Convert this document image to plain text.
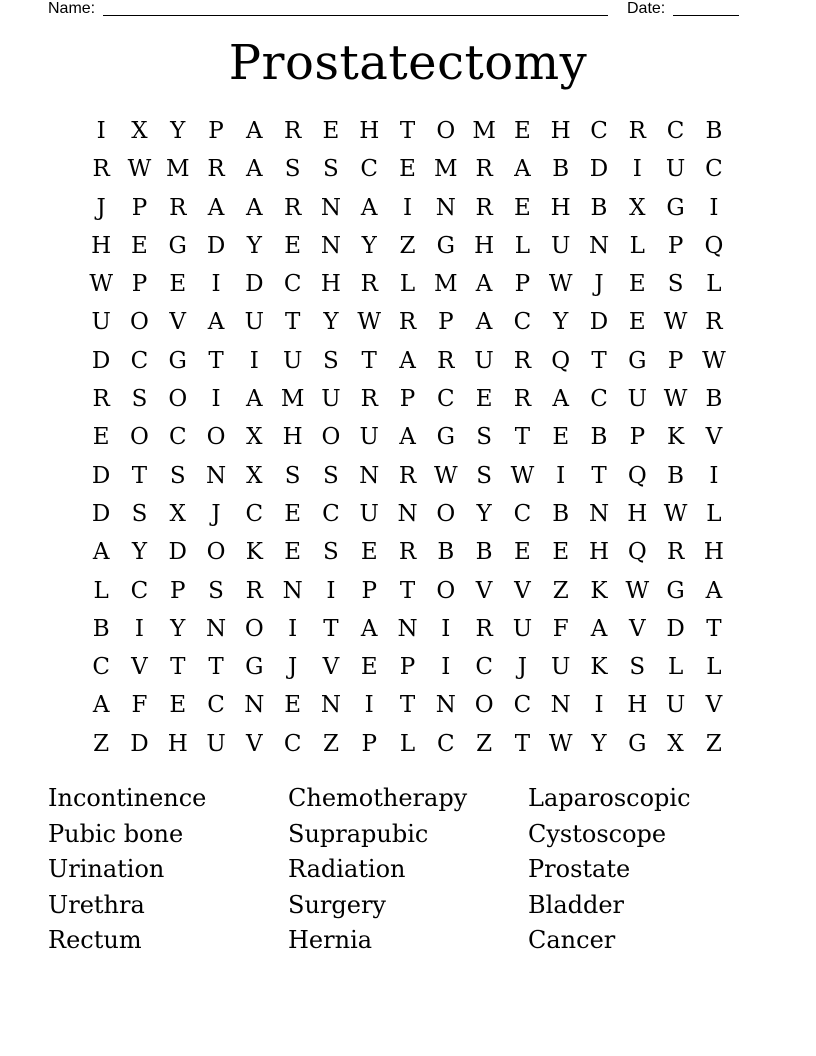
Name:	Date:
Prostatectomy
I	X Y P A R E H T O M E H C R C B
R W M R A S S C E M R A B D	I	U C
J	P R A A R N A	I	N R E H B X G	I
H E G D Y E N Y Z G H L U N L P Q
W P E	I	D C H R L M A P W J	E S L
U O V A U T	Y W R P A C Y D E W R
D C G T	I	U S T A R U R Q T G P W
R S O	I	A M U R P C E R A C U W B
E O C O X H O U A G S T E B P K V
D T S N X S S N R W S W I	T Q B	I
D S X	J	C E C U N O Y C B N H W L
A Y D O K E S E R B B E E H Q R H
L C P S R N	I	P T O V V Z K W G A
B	I	Y N O	I	T A N	I	R U F A V D T
C V T T G	J	V E P	I	C	J	U K S L	L
A F E C N E N	I	T N O C N	I	H U V
Z D H U V C Z P L C Z T W Y G X Z
Incontinence	Chemotherapy	Laparoscopic
Pubic bone	Suprapubic	Cystoscope
Urination	Radiation	Prostate
Urethra	Surgery	Bladder
Rectum	Hernia	Cancer
